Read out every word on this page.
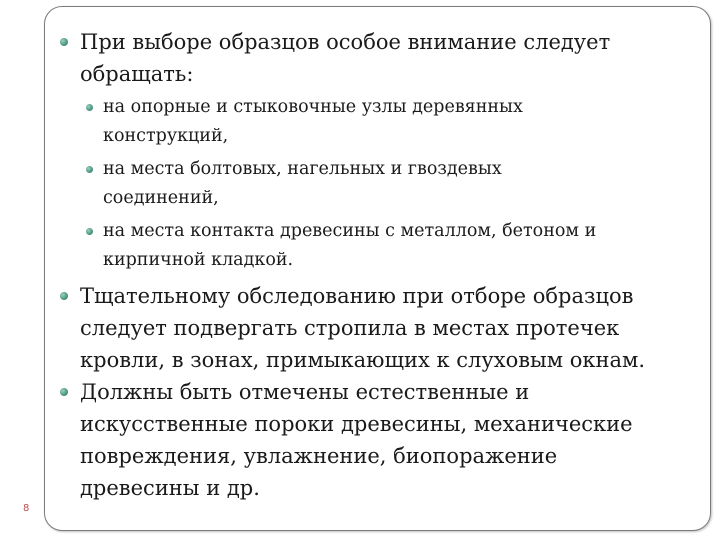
8
При выборе образцов особое внимание следует
обращать:
на опорные и стыковочные узлы деревянных
конструкций,
на места болтовых, нагельных и гвоздевых
соединений,
на места контакта древесины с металлом, бетоном и
кирпичной кладкой.
Тщательному обследованию при отборе образцов
следует подвергать стропила в местах протечек
кровли, в зонах, примыкающих к слуховым окнам.
Должны быть отмечены естественные и
искусственные пороки древесины, механические
повреждения, увлажнение, биопоражение
древесины и др.
